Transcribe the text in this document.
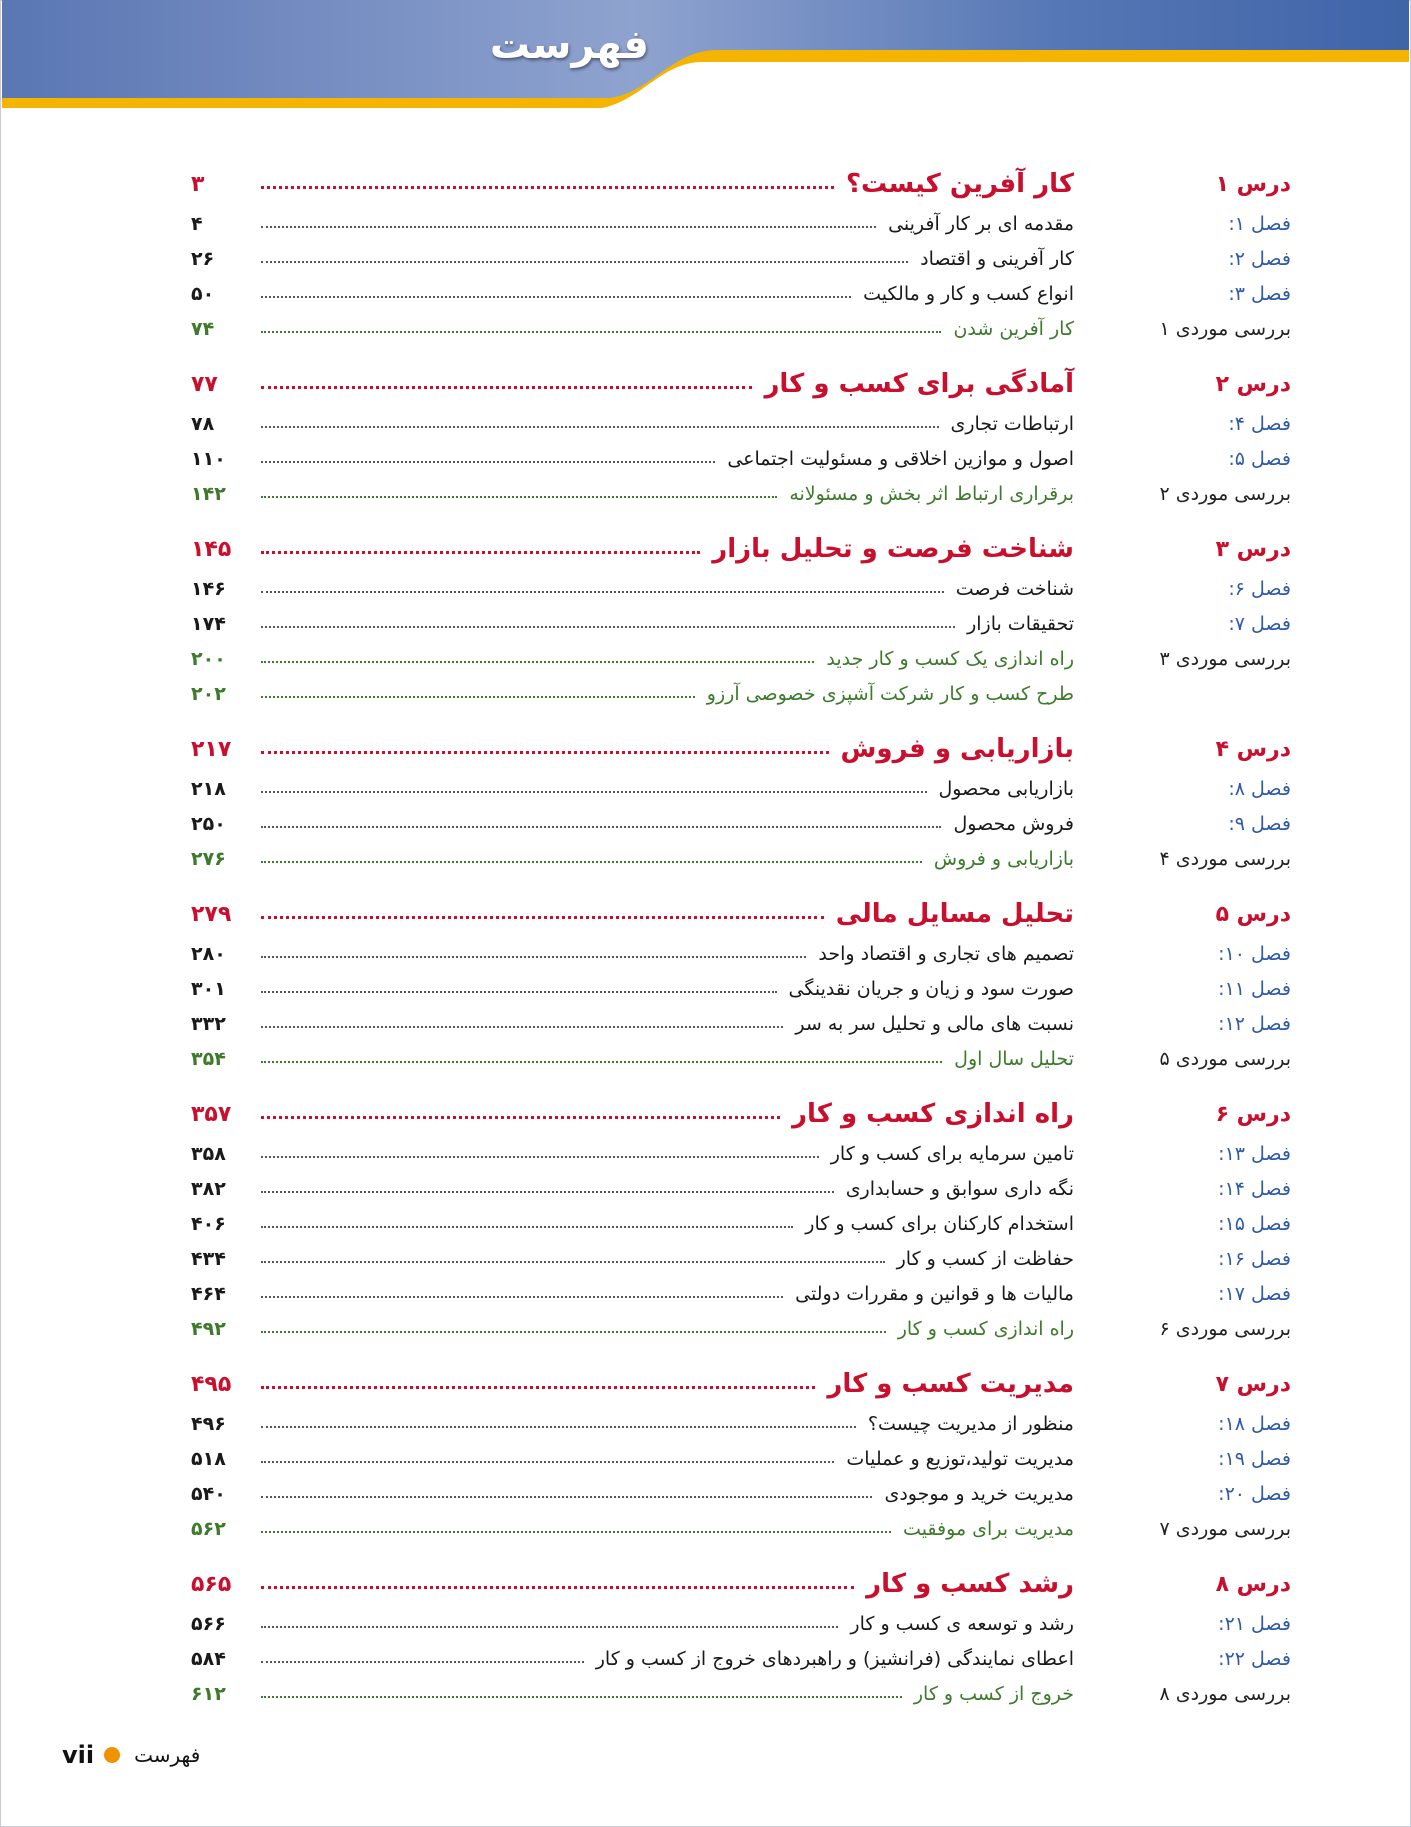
فهرست
درس ۱
کار آفرین کیست؟
۳
فصل ۱:
مقدمه ای بر کار آفرینی
۴
فصل ۲:
کار آفرینی و اقتصاد
۲۶
فصل ۳:
انواع کسب و کار و مالکیت
۵۰
بررسی موردی ۱
کار آفرین شدن
۷۴
درس ۲
آمادگی برای کسب و کار
۷۷
فصل ۴:
ارتباطات تجاری
۷۸
فصل ۵:
اصول و موازین اخلاقی و مسئولیت اجتماعی
۱۱۰
بررسی موردی ۲
برقراری ارتباط اثر بخش و مسئولانه
۱۴۲
درس ۳
شناخت فرصت و تحلیل بازار
۱۴۵
فصل ۶:
شناخت فرصت
۱۴۶
فصل ۷:
تحقیقات بازار
۱۷۴
بررسی موردی ۳
راه اندازی یک کسب و کار جدید
۲۰۰
طرح کسب و کار شرکت آشپزی خصوصی آرزو
۲۰۲
درس ۴
بازاریابی و فروش
۲۱۷
فصل ۸:
بازاریابی محصول
۲۱۸
فصل ۹:
فروش محصول
۲۵۰
بررسی موردی ۴
بازاریابی و فروش
۲۷۶
درس ۵
تحلیل مسایل مالی
۲۷۹
فصل ۱۰:
تصمیم های تجاری و اقتصاد واحد
۲۸۰
فصل ۱۱:
صورت سود و زیان و جریان نقدینگی
۳۰۱
فصل ۱۲:
نسبت های مالی و تحلیل سر به سر
۳۳۲
بررسی موردی ۵
تحلیل سال اول
۳۵۴
درس ۶
راه اندازی کسب و کار
۳۵۷
فصل ۱۳:
تامین سرمایه برای کسب و کار
۳۵۸
فصل ۱۴:
نگه داری سوابق و حسابداری
۳۸۲
فصل ۱۵:
استخدام کارکنان برای کسب و کار
۴۰۶
فصل ۱۶:
حفاظت از کسب و کار
۴۳۴
فصل ۱۷:
مالیات ها و قوانین و مقررات دولتی
۴۶۴
بررسی موردی ۶
راه اندازی کسب و کار
۴۹۲
درس ۷
مدیریت کسب و کار
۴۹۵
فصل ۱۸:
منظور از مدیریت چیست؟
۴۹۶
فصل ۱۹:
مدیریت تولید،توزیع و عملیات
۵۱۸
فصل ۲۰:
مدیریت خرید و موجودی
۵۴۰
بررسی موردی ۷
مدیریت برای موفقیت
۵۶۲
درس ۸
رشد کسب و کار
۵۶۵
فصل ۲۱:
رشد و توسعه ی کسب و کار
۵۶۶
فصل ۲۲:
اعطای نمایندگی (فرانشیز) و راهبردهای خروج از کسب و کار
۵۸۴
بررسی موردی ۸
خروج از کسب و کار
۶۱۲
vii فهرست
